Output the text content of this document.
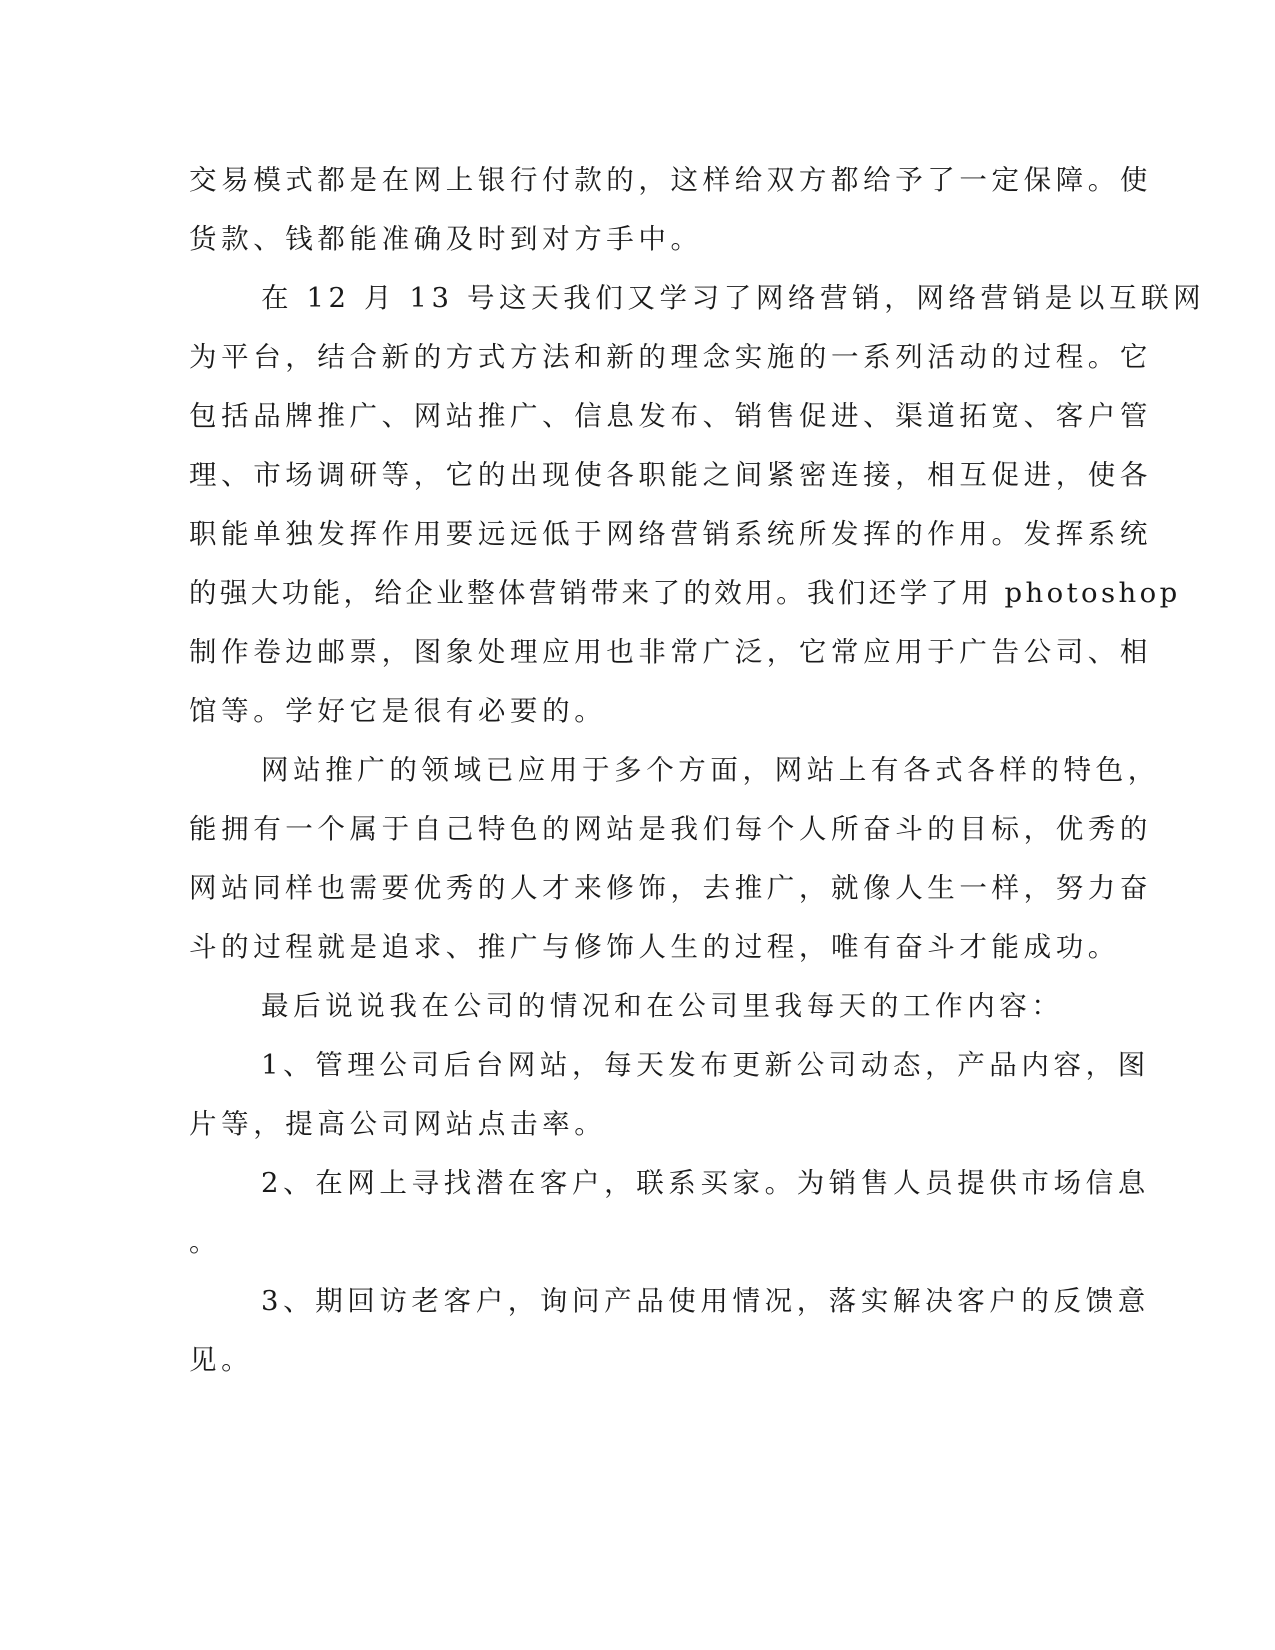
交易模式都是在网上银行付款的，这样给双方都给予了一定保障。使
货款、钱都能准确及时到对方手中。
在 12 月 13 号这天我们又学习了网络营销，网络营销是以互联网
为平台，结合新的方式方法和新的理念实施的一系列活动的过程。它
包括品牌推广、网站推广、信息发布、销售促进、渠道拓宽、客户管
理、市场调研等，它的出现使各职能之间紧密连接，相互促进，使各
职能单独发挥作用要远远低于网络营销系统所发挥的作用。发挥系统
的强大功能，给企业整体营销带来了的效用。我们还学了用 photoshop
制作卷边邮票，图象处理应用也非常广泛，它常应用于广告公司、相
馆等。学好它是很有必要的。
网站推广的领域已应用于多个方面，网站上有各式各样的特色，
能拥有一个属于自己特色的网站是我们每个人所奋斗的目标，优秀的
网站同样也需要优秀的人才来修饰，去推广，就像人生一样，努力奋
斗的过程就是追求、推广与修饰人生的过程，唯有奋斗才能成功。
最后说说我在公司的情况和在公司里我每天的工作内容：
1、管理公司后台网站，每天发布更新公司动态，产品内容，图
片等，提高公司网站点击率。
2、在网上寻找潜在客户，联系买家。为销售人员提供市场信息
。
3、期回访老客户，询问产品使用情况，落实解决客户的反馈意
见。
